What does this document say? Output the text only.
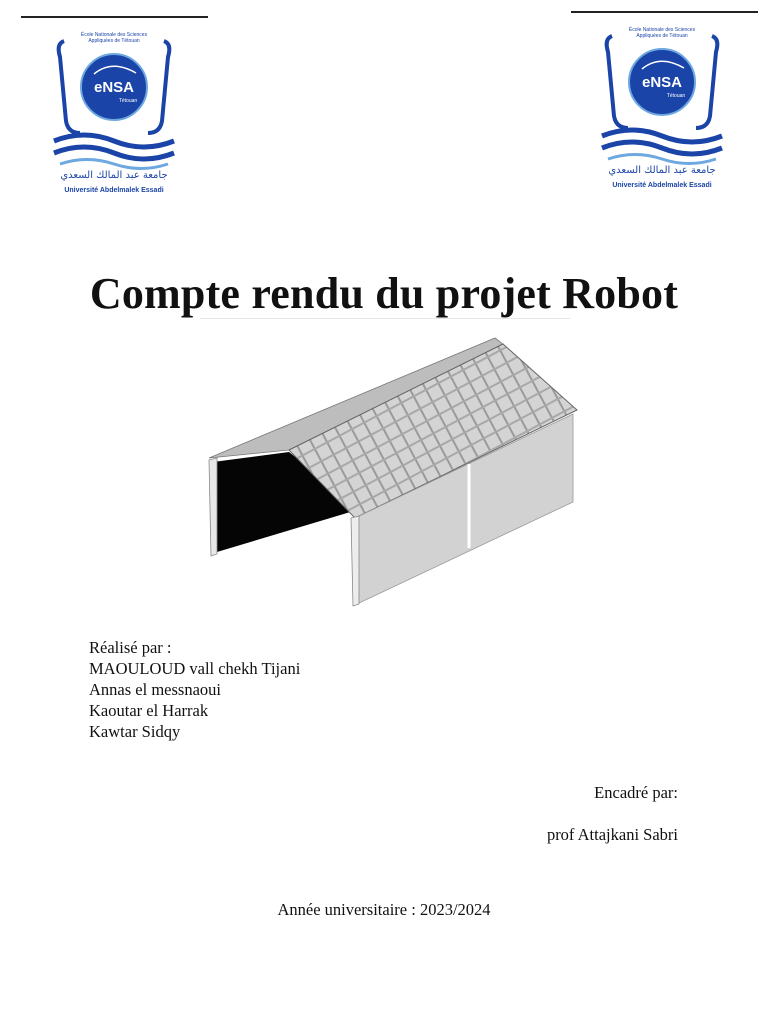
École Nationale des Sciences
Appliquées de Tétouan
eNSA
Tétouan
جامعة عبد المالك السعدي
Université Abdelmalek Essadi
École Nationale des Sciences
Appliquées de Tétouan
eNSA
Tétouan
جامعة عبد المالك السعدي
Université Abdelmalek Essadi
Compte rendu du projet Robot
Réalisé par :
MAOULOUD vall chekh Tijani
Annas el messnaoui
Kaoutar el Harrak
Kawtar Sidqy
Encadré par:
prof Attajkani Sabri
Année universitaire : 2023/2024
